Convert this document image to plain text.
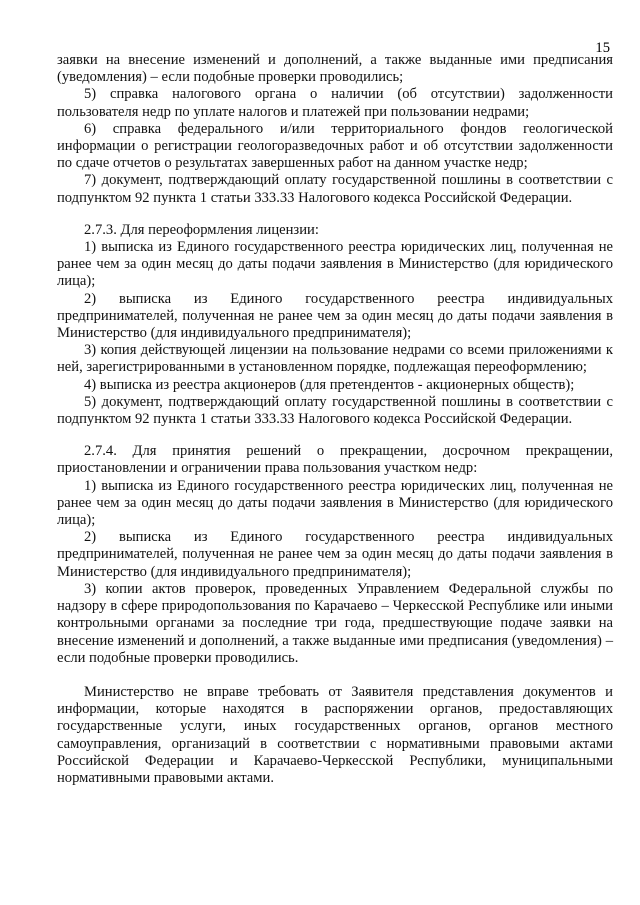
15

заявки на внесение изменений и дополнений, а также выданные ими предписания (уведомления) – если подобные проверки проводились;

5) справка налогового органа о наличии (об отсутствии) задолженности пользователя недр по уплате налогов и платежей при пользовании недрами;

6) справка федерального и/или территориального фондов геологической информации о регистрации геологоразведочных работ и об отсутствии задолженности по сдаче отчетов о результатах завершенных работ на данном участке недр;

7) документ, подтверждающий оплату государственной пошлины в соответствии с подпунктом 92 пункта 1 статьи 333.33 Налогового кодекса Российской Федерации.

2.7.3. Для переоформления лицензии:

1) выписка из Единого государственного реестра юридических лиц, полученная не ранее чем за один месяц до даты подачи заявления в Министерство (для юридического лица);

2) выписка из Единого государственного реестра индивидуальных предпринимателей, полученная не ранее чем за один месяц до даты подачи заявления в Министерство (для индивидуального предпринимателя);

3) копия действующей лицензии на пользование недрами со всеми приложениями к ней, зарегистрированными в установленном порядке, подлежащая переоформлению;

4) выписка из реестра акционеров (для претендентов - акционерных обществ);

5) документ, подтверждающий оплату государственной пошлины в соответствии с подпунктом 92 пункта 1 статьи 333.33 Налогового кодекса Российской Федерации.

2.7.4. Для принятия решений о прекращении, досрочном прекращении, приостановлении и ограничении права пользования участком недр:

1) выписка из Единого государственного реестра юридических лиц, полученная не ранее чем за один месяц до даты подачи заявления в Министерство (для юридического лица);

2) выписка из Единого государственного реестра индивидуальных предпринимателей, полученная не ранее чем за один месяц до даты подачи заявления в Министерство (для индивидуального предпринимателя);

3) копии актов проверок, проведенных Управлением Федеральной службы по надзору в сфере природопользования по Карачаево – Черкесской Республике или иными контрольными органами за последние три года, предшествующие подаче заявки на внесение изменений и дополнений, а также выданные ими предписания (уведомления) – если подобные проверки проводились.

Министерство не вправе требовать от Заявителя представления документов и информации, которые находятся в распоряжении органов, предоставляющих государственные услуги, иных государственных органов, органов местного самоуправления, организаций в соответствии с нормативными правовыми актами Российской Федерации и Карачаево-Черкесской Республики, муниципальными нормативными правовыми актами.
